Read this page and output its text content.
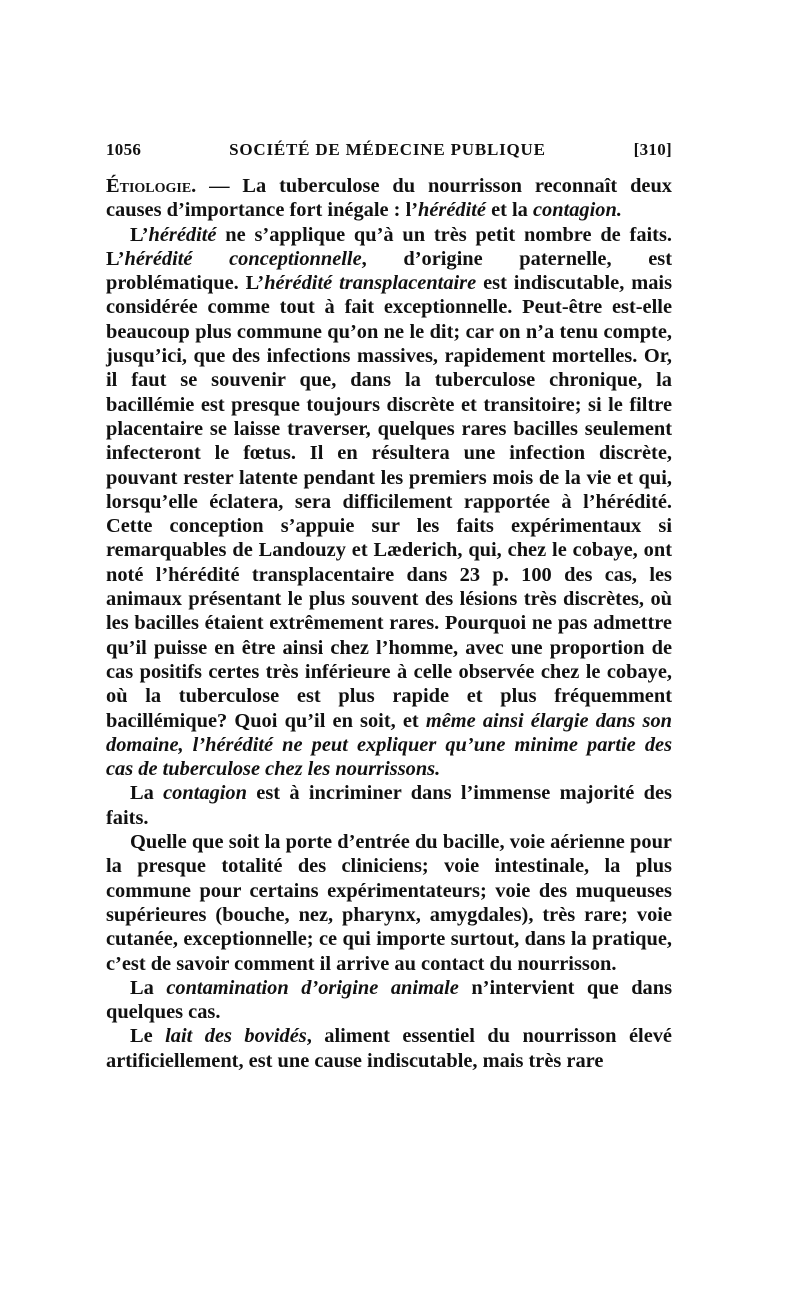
1056	SOCIÉTÉ DE MÉDECINE PUBLIQUE	[310]

Étiologie. — La tuberculose du nourrisson reconnaît deux causes d’importance fort inégale : l’hérédité et la contagion.

L’hérédité ne s’applique qu’à un très petit nombre de faits. L’hérédité conceptionnelle, d’origine paternelle, est problématique. L’hérédité transplacentaire est indiscutable, mais considérée comme tout à fait exceptionnelle. Peut-être est-elle beaucoup plus commune qu’on ne le dit; car on n’a tenu compte, jusqu’ici, que des infections massives, rapidement mortelles. Or, il faut se souvenir que, dans la tuberculose chronique, la bacillémie est presque toujours discrète et transitoire; si le filtre placentaire se laisse traverser, quelques rares bacilles seulement infecteront le fœtus. Il en résultera une infection discrète, pouvant rester latente pendant les premiers mois de la vie et qui, lorsqu’elle éclatera, sera difficilement rapportée à l’hérédité. Cette conception s’appuie sur les faits expérimentaux si remarquables de Landouzy et Læderich, qui, chez le cobaye, ont noté l’hérédité transplacentaire dans 23 p. 100 des cas, les animaux présentant le plus souvent des lésions très discrètes, où les bacilles étaient extrêmement rares. Pourquoi ne pas admettre qu’il puisse en être ainsi chez l’homme, avec une proportion de cas positifs certes très inférieure à celle observée chez le cobaye, où la tuberculose est plus rapide et plus fréquemment bacillémique? Quoi qu’il en soit, et même ainsi élargie dans son domaine, l’hérédité ne peut expliquer qu’une minime partie des cas de tuberculose chez les nourrissons.

La contagion est à incriminer dans l’immense majorité des faits.

Quelle que soit la porte d’entrée du bacille, voie aérienne pour la presque totalité des cliniciens; voie intestinale, la plus commune pour certains expérimentateurs; voie des muqueuses supérieures (bouche, nez, pharynx, amygdales), très rare; voie cutanée, exceptionnelle; ce qui importe surtout, dans la pratique, c’est de savoir comment il arrive au contact du nourrisson.

La contamination d’origine animale n’intervient que dans quelques cas.

Le lait des bovidés, aliment essentiel du nourrisson élevé artificiellement, est une cause indiscutable, mais très rare
